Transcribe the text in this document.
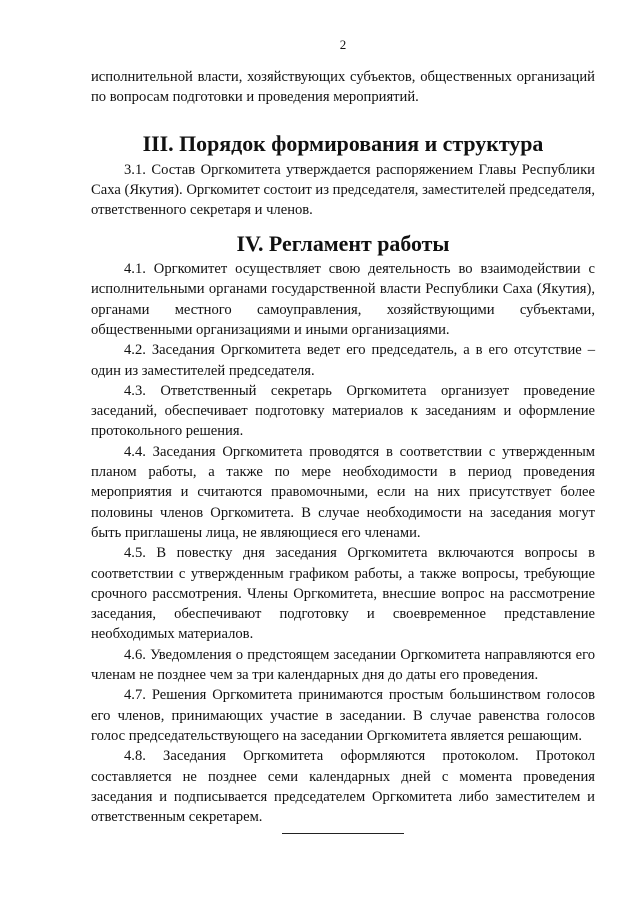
2

исполнительной власти, хозяйствующих субъектов, общественных организаций по вопросам подготовки и проведения мероприятий.

III. Порядок формирования и структура

3.1. Состав Оргкомитета утверждается распоряжением Главы Республики Саха (Якутия). Оргкомитет состоит из председателя, заместителей председателя, ответственного секретаря и членов.

IV. Регламент работы

4.1. Оргкомитет осуществляет свою деятельность во взаимодействии с исполнительными органами государственной власти Республики Саха (Якутия), органами местного самоуправления, хозяйствующими субъектами, общественными организациями и иными организациями.

4.2. Заседания Оргкомитета ведет его председатель, а в его отсутствие – один из заместителей председателя.

4.3. Ответственный секретарь Оргкомитета организует проведение заседаний, обеспечивает подготовку материалов к заседаниям и оформление протокольного решения.

4.4. Заседания Оргкомитета проводятся в соответствии с утвержденным планом работы, а также по мере необходимости в период проведения мероприятия и считаются правомочными, если на них присутствует более половины членов Оргкомитета. В случае необходимости на заседания могут быть приглашены лица, не являющиеся его членами.

4.5. В повестку дня заседания Оргкомитета включаются вопросы в соответствии с утвержденным графиком работы, а также вопросы, требующие срочного рассмотрения. Члены Оргкомитета, внесшие вопрос на рассмотрение заседания, обеспечивают подготовку и своевременное представление необходимых материалов.

4.6. Уведомления о предстоящем заседании Оргкомитета направляются его членам не позднее чем за три календарных дня до даты его проведения.

4.7. Решения Оргкомитета принимаются простым большинством голосов его членов, принимающих участие в заседании. В случае равенства голосов голос председательствующего на заседании Оргкомитета является решающим.

4.8. Заседания Оргкомитета оформляются протоколом. Протокол составляется не позднее семи календарных дней с момента проведения заседания и подписывается председателем Оргкомитета либо заместителем и ответственным секретарем.
